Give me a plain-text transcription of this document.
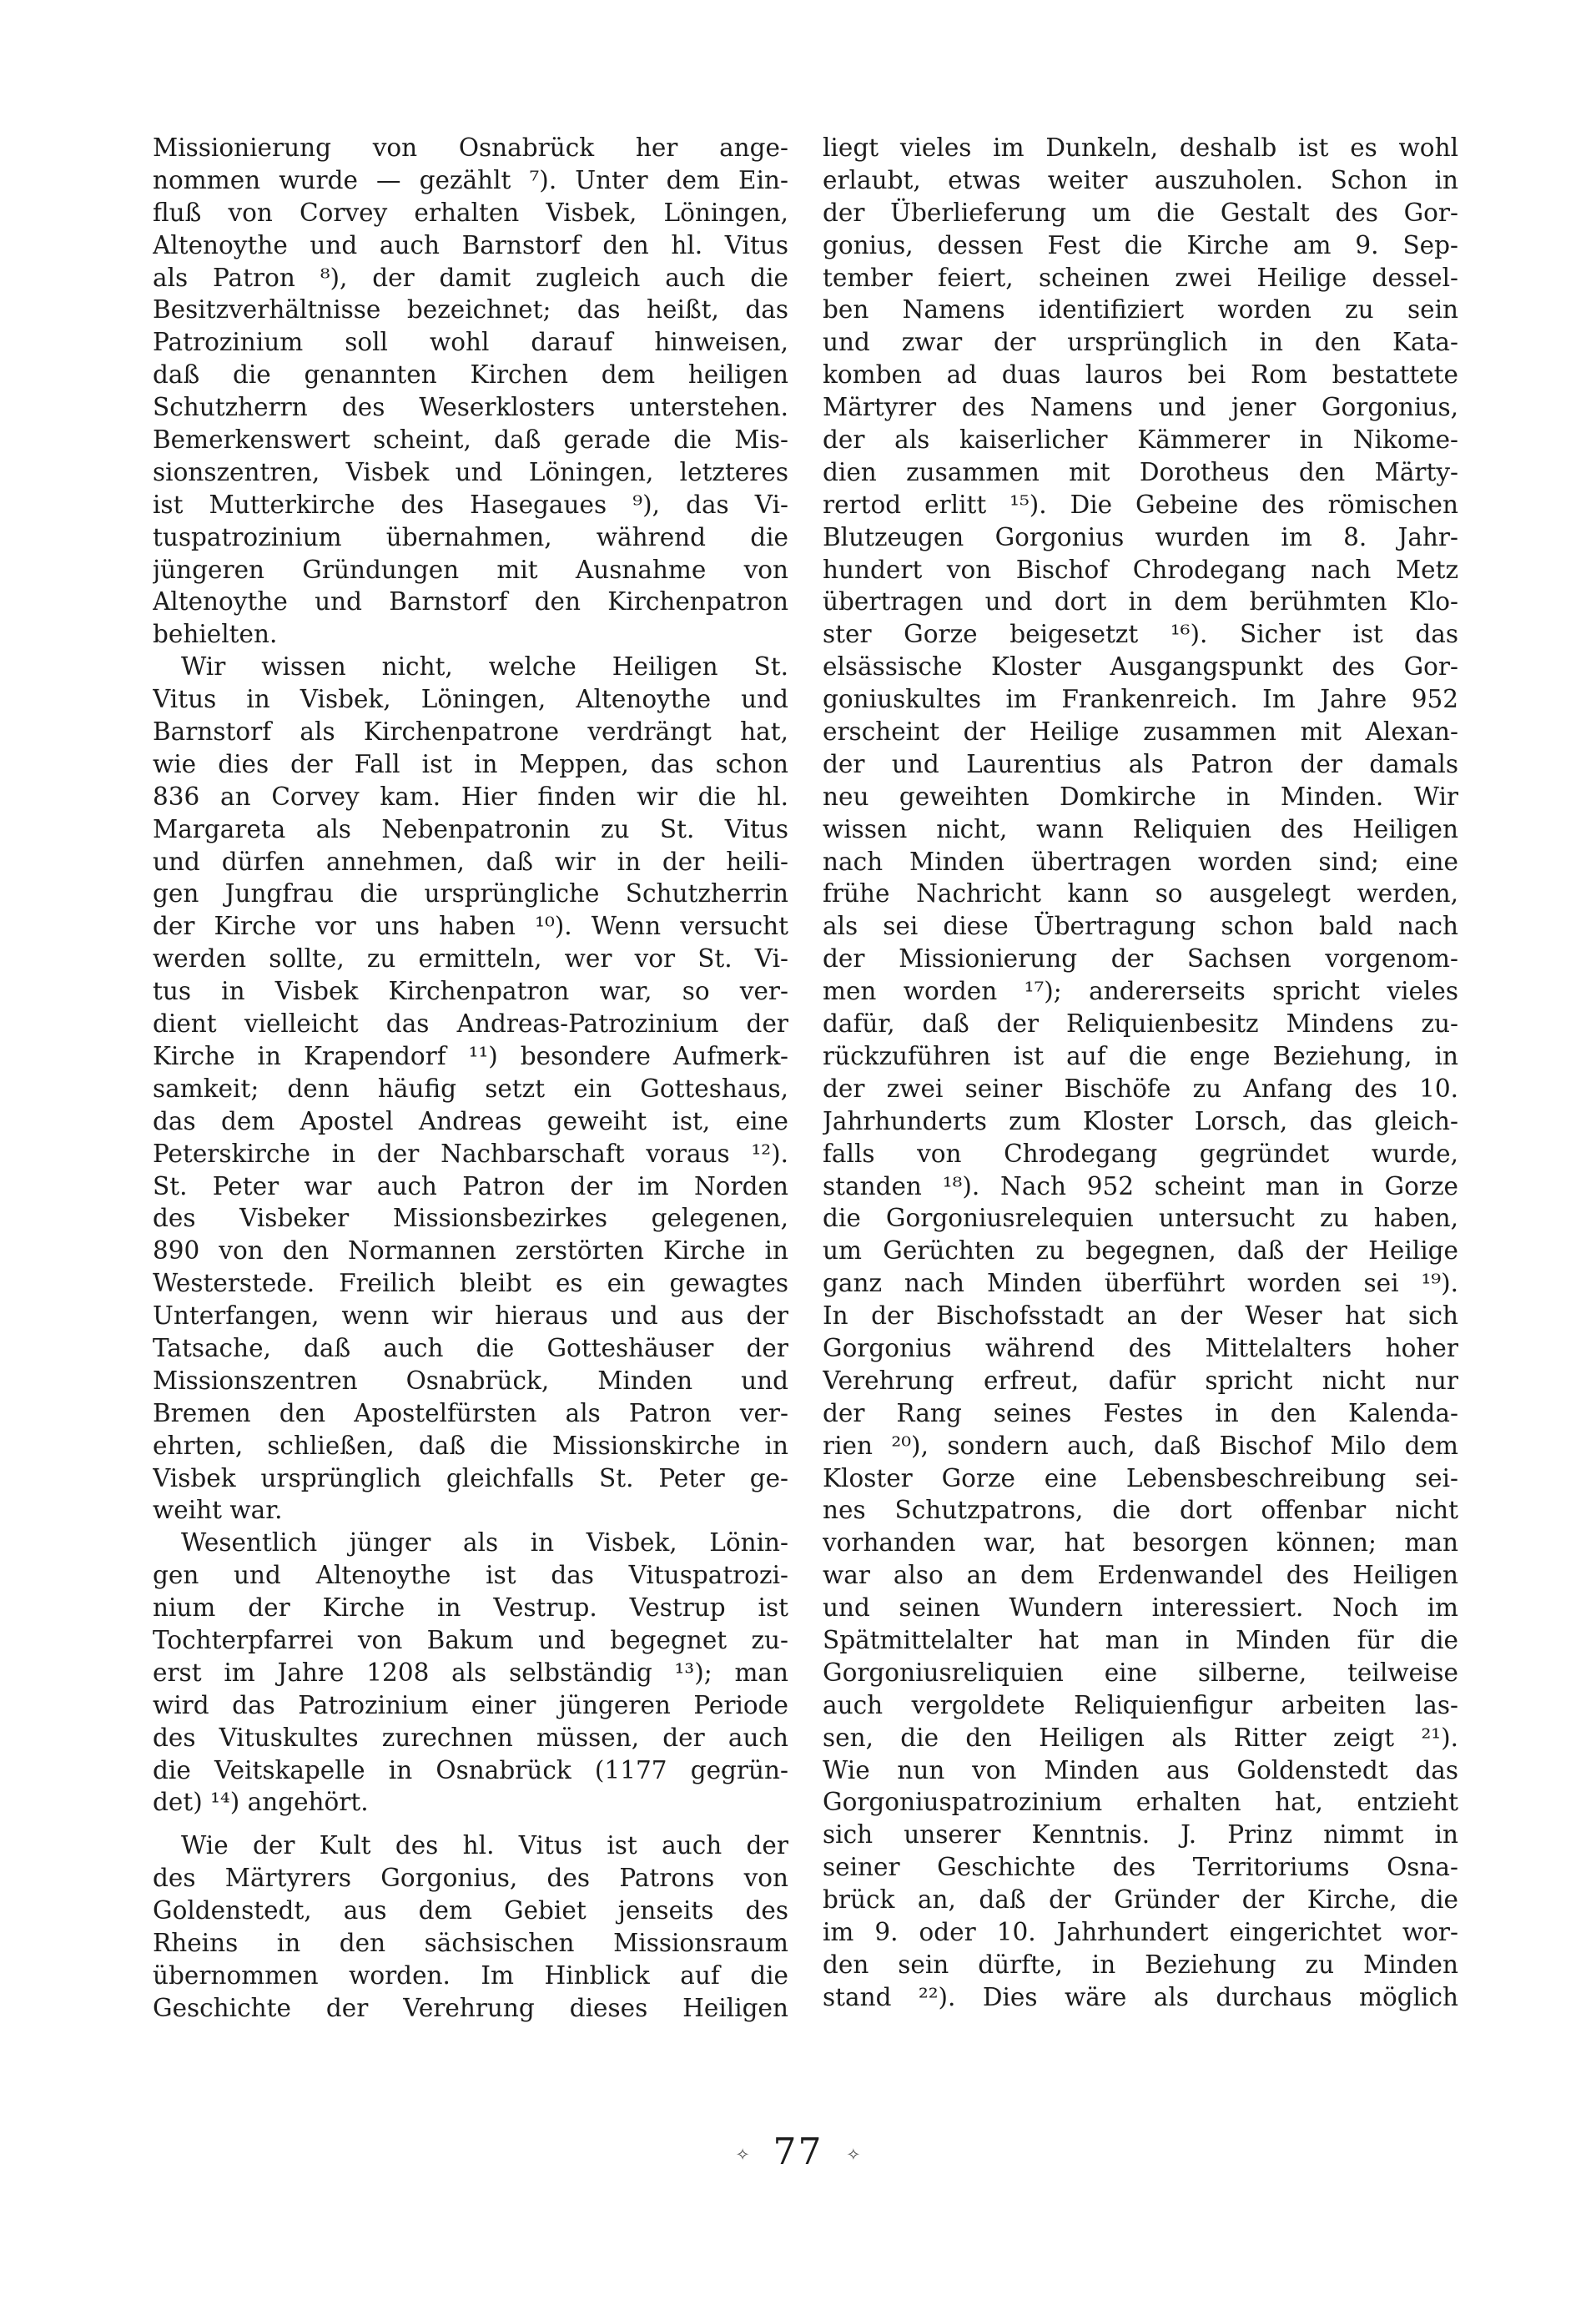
Missionierung von Osnabrück her ange-
nommen wurde — gezählt ⁷). Unter dem Ein-
fluß von Corvey erhalten Visbek, Löningen,
Altenoythe und auch Barnstorf den hl. Vitus
als Patron ⁸), der damit zugleich auch die
Besitzverhältnisse bezeichnet; das heißt, das
Patrozinium soll wohl darauf hinweisen,
daß die genannten Kirchen dem heiligen
Schutzherrn des Weserklosters unterstehen.
Bemerkenswert scheint, daß gerade die Mis-
sionszentren, Visbek und Löningen, letzteres
ist Mutterkirche des Hasegaues ⁹), das Vi-
tuspatrozinium übernahmen, während die
jüngeren Gründungen mit Ausnahme von
Altenoythe und Barnstorf den Kirchenpatron
behielten.
Wir wissen nicht, welche Heiligen St.
Vitus in Visbek, Löningen, Altenoythe und
Barnstorf als Kirchenpatrone verdrängt hat,
wie dies der Fall ist in Meppen, das schon
836 an Corvey kam. Hier finden wir die hl.
Margareta als Nebenpatronin zu St. Vitus
und dürfen annehmen, daß wir in der heili-
gen Jungfrau die ursprüngliche Schutzherrin
der Kirche vor uns haben ¹⁰). Wenn versucht
werden sollte, zu ermitteln, wer vor St. Vi-
tus in Visbek Kirchenpatron war, so ver-
dient vielleicht das Andreas-Patrozinium der
Kirche in Krapendorf ¹¹) besondere Aufmerk-
samkeit; denn häufig setzt ein Gotteshaus,
das dem Apostel Andreas geweiht ist, eine
Peterskirche in der Nachbarschaft voraus ¹²).
St. Peter war auch Patron der im Norden
des Visbeker Missionsbezirkes gelegenen,
890 von den Normannen zerstörten Kirche in
Westerstede. Freilich bleibt es ein gewagtes
Unterfangen, wenn wir hieraus und aus der
Tatsache, daß auch die Gotteshäuser der
Missionszentren Osnabrück, Minden und
Bremen den Apostelfürsten als Patron ver-
ehrten, schließen, daß die Missionskirche in
Visbek ursprünglich gleichfalls St. Peter ge-
weiht war.
Wesentlich jünger als in Visbek, Lönin-
gen und Altenoythe ist das Vituspatrozi-
nium der Kirche in Vestrup. Vestrup ist
Tochterpfarrei von Bakum und begegnet zu-
erst im Jahre 1208 als selbständig ¹³); man
wird das Patrozinium einer jüngeren Periode
des Vituskultes zurechnen müssen, der auch
die Veitskapelle in Osnabrück (1177 gegrün-
det) ¹⁴) angehört.
Wie der Kult des hl. Vitus ist auch der
des Märtyrers Gorgonius, des Patrons von
Goldenstedt, aus dem Gebiet jenseits des
Rheins in den sächsischen Missionsraum
übernommen worden. Im Hinblick auf die
Geschichte der Verehrung dieses Heiligen
liegt vieles im Dunkeln, deshalb ist es wohl
erlaubt, etwas weiter auszuholen. Schon in
der Überlieferung um die Gestalt des Gor-
gonius, dessen Fest die Kirche am 9. Sep-
tember feiert, scheinen zwei Heilige dessel-
ben Namens identifiziert worden zu sein
und zwar der ursprünglich in den Kata-
komben ad duas lauros bei Rom bestattete
Märtyrer des Namens und jener Gorgonius,
der als kaiserlicher Kämmerer in Nikome-
dien zusammen mit Dorotheus den Märty-
rertod erlitt ¹⁵). Die Gebeine des römischen
Blutzeugen Gorgonius wurden im 8. Jahr-
hundert von Bischof Chrodegang nach Metz
übertragen und dort in dem berühmten Klo-
ster Gorze beigesetzt ¹⁶). Sicher ist das
elsässische Kloster Ausgangspunkt des Gor-
goniuskultes im Frankenreich. Im Jahre 952
erscheint der Heilige zusammen mit Alexan-
der und Laurentius als Patron der damals
neu geweihten Domkirche in Minden. Wir
wissen nicht, wann Reliquien des Heiligen
nach Minden übertragen worden sind; eine
frühe Nachricht kann so ausgelegt werden,
als sei diese Übertragung schon bald nach
der Missionierung der Sachsen vorgenom-
men worden ¹⁷); andererseits spricht vieles
dafür, daß der Reliquienbesitz Mindens zu-
rückzuführen ist auf die enge Beziehung, in
der zwei seiner Bischöfe zu Anfang des 10.
Jahrhunderts zum Kloster Lorsch, das gleich-
falls von Chrodegang gegründet wurde,
standen ¹⁸). Nach 952 scheint man in Gorze
die Gorgoniusrelequien untersucht zu haben,
um Gerüchten zu begegnen, daß der Heilige
ganz nach Minden überführt worden sei ¹⁹).
In der Bischofsstadt an der Weser hat sich
Gorgonius während des Mittelalters hoher
Verehrung erfreut, dafür spricht nicht nur
der Rang seines Festes in den Kalenda-
rien ²⁰), sondern auch, daß Bischof Milo dem
Kloster Gorze eine Lebensbeschreibung sei-
nes Schutzpatrons, die dort offenbar nicht
vorhanden war, hat besorgen können; man
war also an dem Erdenwandel des Heiligen
und seinen Wundern interessiert. Noch im
Spätmittelalter hat man in Minden für die
Gorgoniusreliquien eine silberne, teilweise
auch vergoldete Reliquienfigur arbeiten las-
sen, die den Heiligen als Ritter zeigt ²¹).
Wie nun von Minden aus Goldenstedt das
Gorgoniuspatrozinium erhalten hat, entzieht
sich unserer Kenntnis. J. Prinz nimmt in
seiner Geschichte des Territoriums Osna-
brück an, daß der Gründer der Kirche, die
im 9. oder 10. Jahrhundert eingerichtet wor-
den sein dürfte, in Beziehung zu Minden
stand ²²). Dies wäre als durchaus möglich
✧ 77 ✧
